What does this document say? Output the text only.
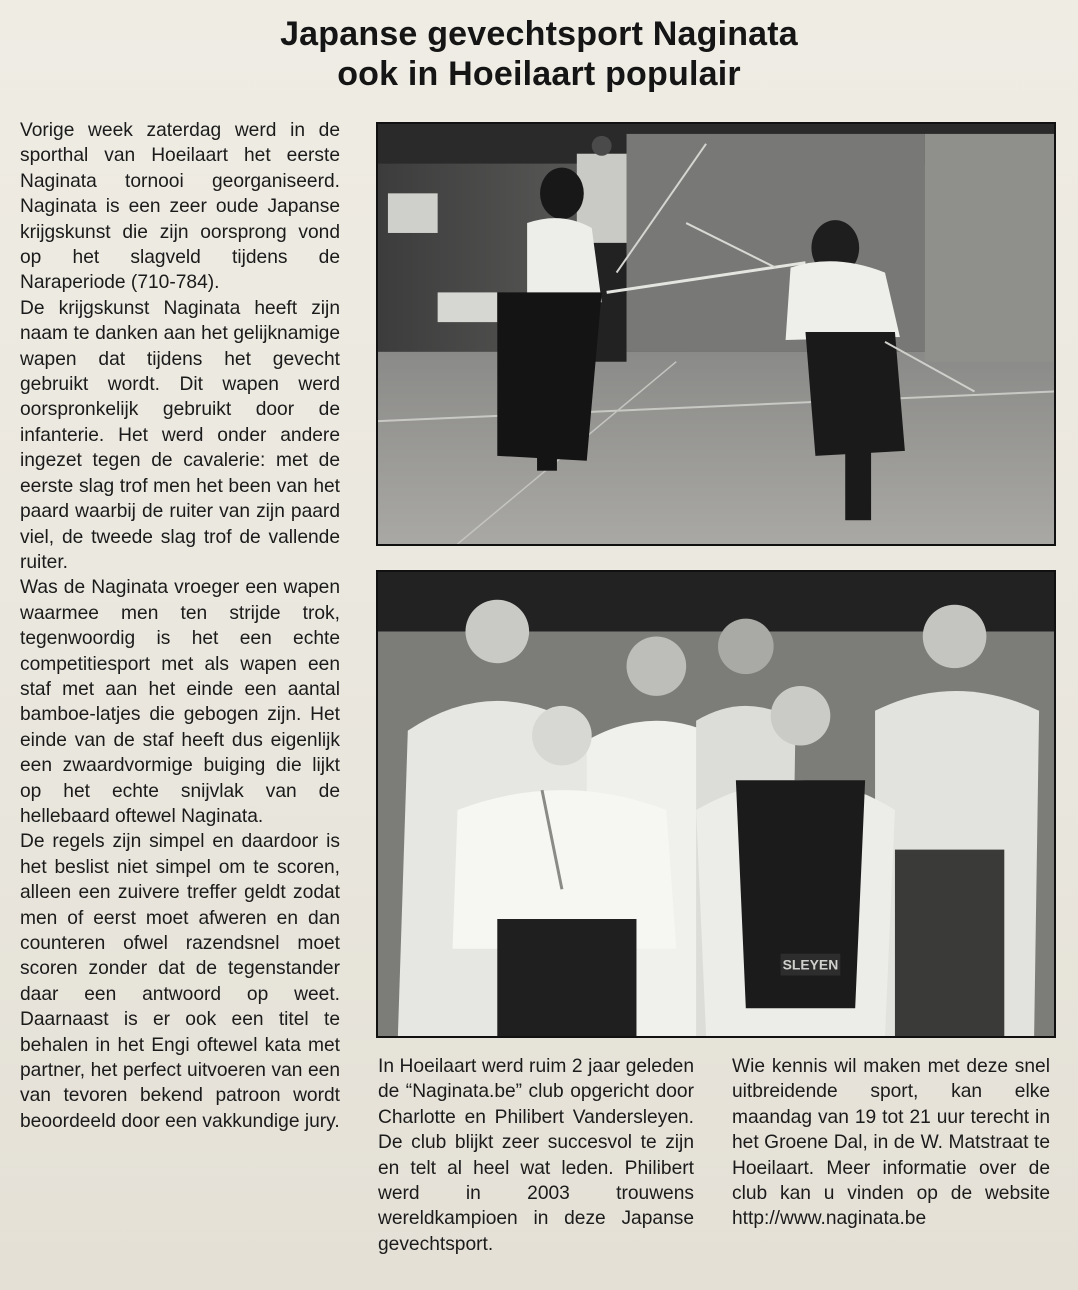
Japanse gevechtsport Naginata
ook in Hoeilaart populair

Vorige week zaterdag werd in de sporthal van Hoeilaart het eerste Naginata tornooi georganiseerd. Naginata is een zeer oude Japanse krijgskunst die zijn oorsprong vond op het slagveld tijdens de Naraperiode (710-784).

De krijgskunst Naginata heeft zijn naam te danken aan het gelijknamige wapen dat tijdens het gevecht gebruikt wordt. Dit wapen werd oorspronkelijk gebruikt door de infanterie. Het werd onder andere ingezet tegen de cavalerie: met de eerste slag trof men het been van het paard waarbij de ruiter van zijn paard viel, de tweede slag trof de vallende ruiter.

Was de Naginata vroeger een wapen waarmee men ten strijde trok, tegenwoordig is het een echte competitiesport met als wapen een staf met aan het einde een aantal bamboe-latjes die gebogen zijn. Het einde van de staf heeft dus eigenlijk een zwaardvormige buiging die lijkt op het echte snijvlak van de hellebaard oftewel Naginata.

De regels zijn simpel en daardoor is het beslist niet simpel om te scoren, alleen een zuivere treffer geldt zodat men of eerst moet afweren en dan counteren ofwel razendsnel moet scoren zonder dat de tegenstander daar een antwoord op weet. Daarnaast is er ook een titel te behalen in het Engi oftewel kata met partner, het perfect uitvoeren van een van tevoren bekend patroon wordt beoordeeld door een vakkundige jury.

SLEYEN

In Hoeilaart werd ruim 2 jaar geleden de “Naginata.be” club opgericht door Charlotte en Philibert Vandersleyen. De club blijkt zeer succesvol te zijn en telt al heel wat leden. Philibert werd in 2003 trouwens wereldkampioen in deze Japanse gevechtsport.

Wie kennis wil maken met deze snel uitbreidende sport, kan elke maandag van 19 tot 21 uur terecht in het Groene Dal, in de W. Matstraat te Hoeilaart. Meer informatie over de club kan u vinden op de website http://www.naginata.be
